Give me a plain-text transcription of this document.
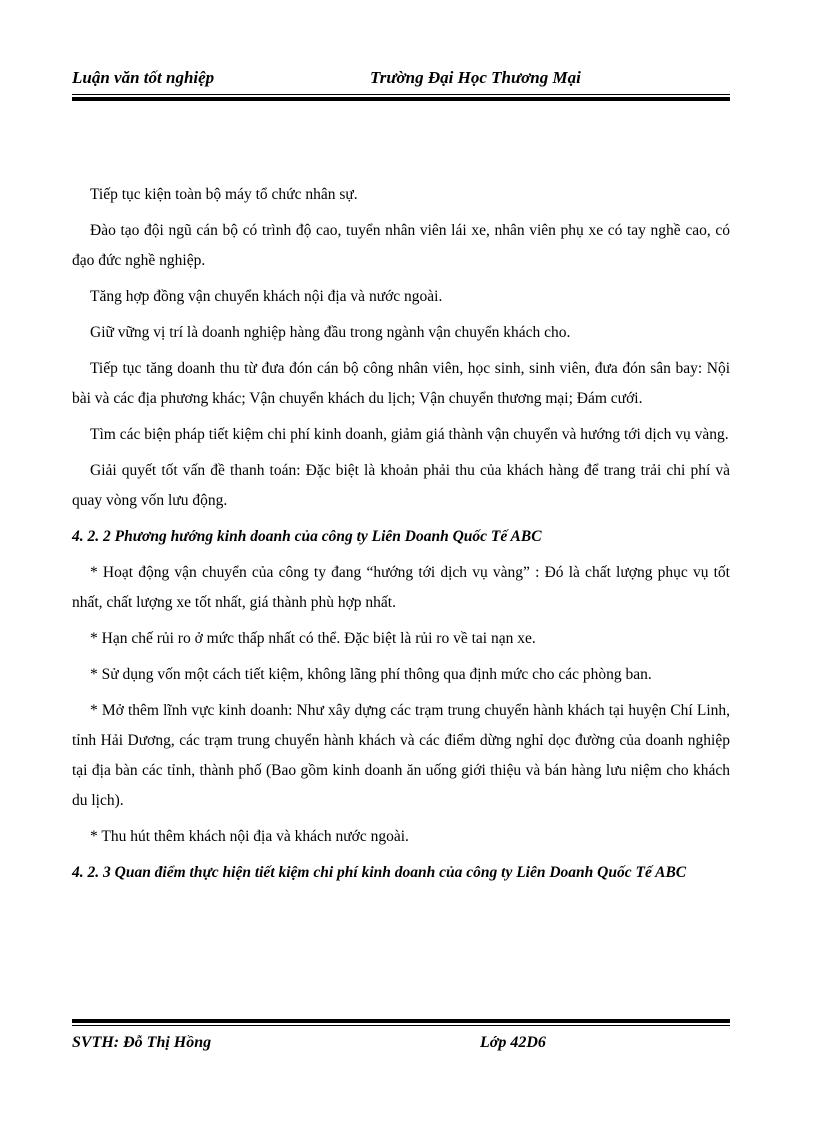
Luận văn tốt nghiệp	Trường Đại Học Thương Mại

Tiếp tục kiện toàn bộ máy tổ chức nhân sự.

Đào tạo đội ngũ cán bộ có trình độ cao, tuyển nhân viên lái xe, nhân viên phụ xe có tay nghề cao, có đạo đức nghề nghiệp.

Tăng hợp đồng vận chuyển khách nội địa và nước ngoài.

Giữ vững vị trí là doanh nghiệp hàng đầu trong ngành vận chuyển khách cho.

Tiếp tục tăng doanh thu từ đưa đón cán bộ công nhân viên, học sinh, sinh viên, đưa đón sân bay: Nội bài và các địa phương khác; Vận chuyển khách du lịch; Vận chuyển thương mại; Đám cưới.

Tìm các biện pháp tiết kiệm chi phí kinh doanh, giảm giá thành vận chuyển và hướng tới dịch vụ vàng.

Giải quyết tốt vấn đề thanh toán: Đặc biệt là khoản phải thu của khách hàng để trang trải chi phí và quay vòng vốn lưu động.

4. 2. 2 Phương hướng kinh doanh của công ty Liên Doanh Quốc Tế ABC

* Hoạt động vận chuyển của công ty đang “hướng tới dịch vụ vàng” : Đó là chất lượng phục vụ tốt nhất, chất lượng xe tốt nhất, giá thành phù hợp nhất.

* Hạn chế rủi ro ở mức thấp nhất có thể. Đặc biệt là rủi ro về tai nạn xe.

* Sử dụng vốn một cách tiết kiệm, không lãng phí thông qua định mức cho các phòng ban.

* Mở thêm lĩnh vực kinh doanh: Như xây dựng các trạm trung chuyển hành khách tại huyện Chí Linh, tỉnh Hải Dương, các trạm trung chuyển hành khách và các điểm dừng nghỉ dọc đường của doanh nghiệp tại địa bàn các tỉnh, thành phố (Bao gồm kinh doanh ăn uống giới thiệu và bán hàng lưu niệm cho khách du lịch).

* Thu hút thêm khách nội địa và khách nước ngoài.

4. 2. 3 Quan điểm thực hiện tiết kiệm chi phí kinh doanh của công ty Liên Doanh Quốc Tế ABC

SVTH: Đỗ Thị Hồng	Lớp 42D6
